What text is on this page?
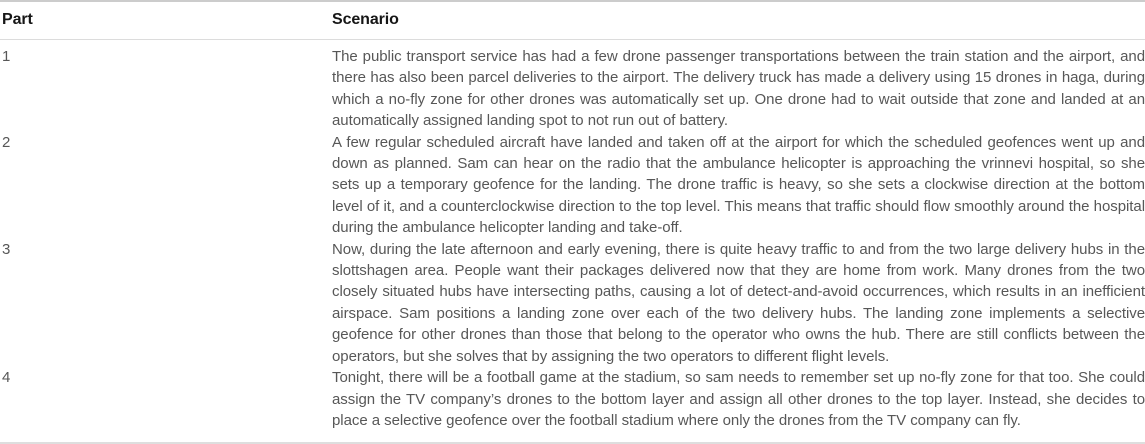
Part	Scenario
1	The public transport service has had a few drone passenger transportations between the train station and the airport, and there has also been parcel deliveries to the airport. The delivery truck has made a delivery using 15 drones in haga, during which a no-fly zone for other drones was automatically set up. One drone had to wait outside that zone and landed at an automatically assigned landing spot to not run out of battery.
2	A few regular scheduled aircraft have landed and taken off at the airport for which the scheduled geofences went up and down as planned. Sam can hear on the radio that the ambulance helicopter is approaching the vrinnevi hospital, so she sets up a temporary geofence for the landing. The drone traffic is heavy, so she sets a clockwise direction at the bottom level of it, and a counterclockwise direction to the top level. This means that traffic should flow smoothly around the hospital during the ambulance helicopter landing and take-off.
3	Now, during the late afternoon and early evening, there is quite heavy traffic to and from the two large delivery hubs in the slottshagen area. People want their packages delivered now that they are home from work. Many drones from the two closely situated hubs have intersecting paths, causing a lot of detect-and-avoid occurrences, which results in an inefficient airspace. Sam positions a landing zone over each of the two delivery hubs. The landing zone implements a selective geofence for other drones than those that belong to the operator who owns the hub. There are still conflicts between the operators, but she solves that by assigning the two operators to different flight levels.
4	Tonight, there will be a football game at the stadium, so sam needs to remember set up no-fly zone for that too. She could assign the TV company’s drones to the bottom layer and assign all other drones to the top layer. Instead, she decides to place a selective geofence over the football stadium where only the drones from the TV company can fly.
